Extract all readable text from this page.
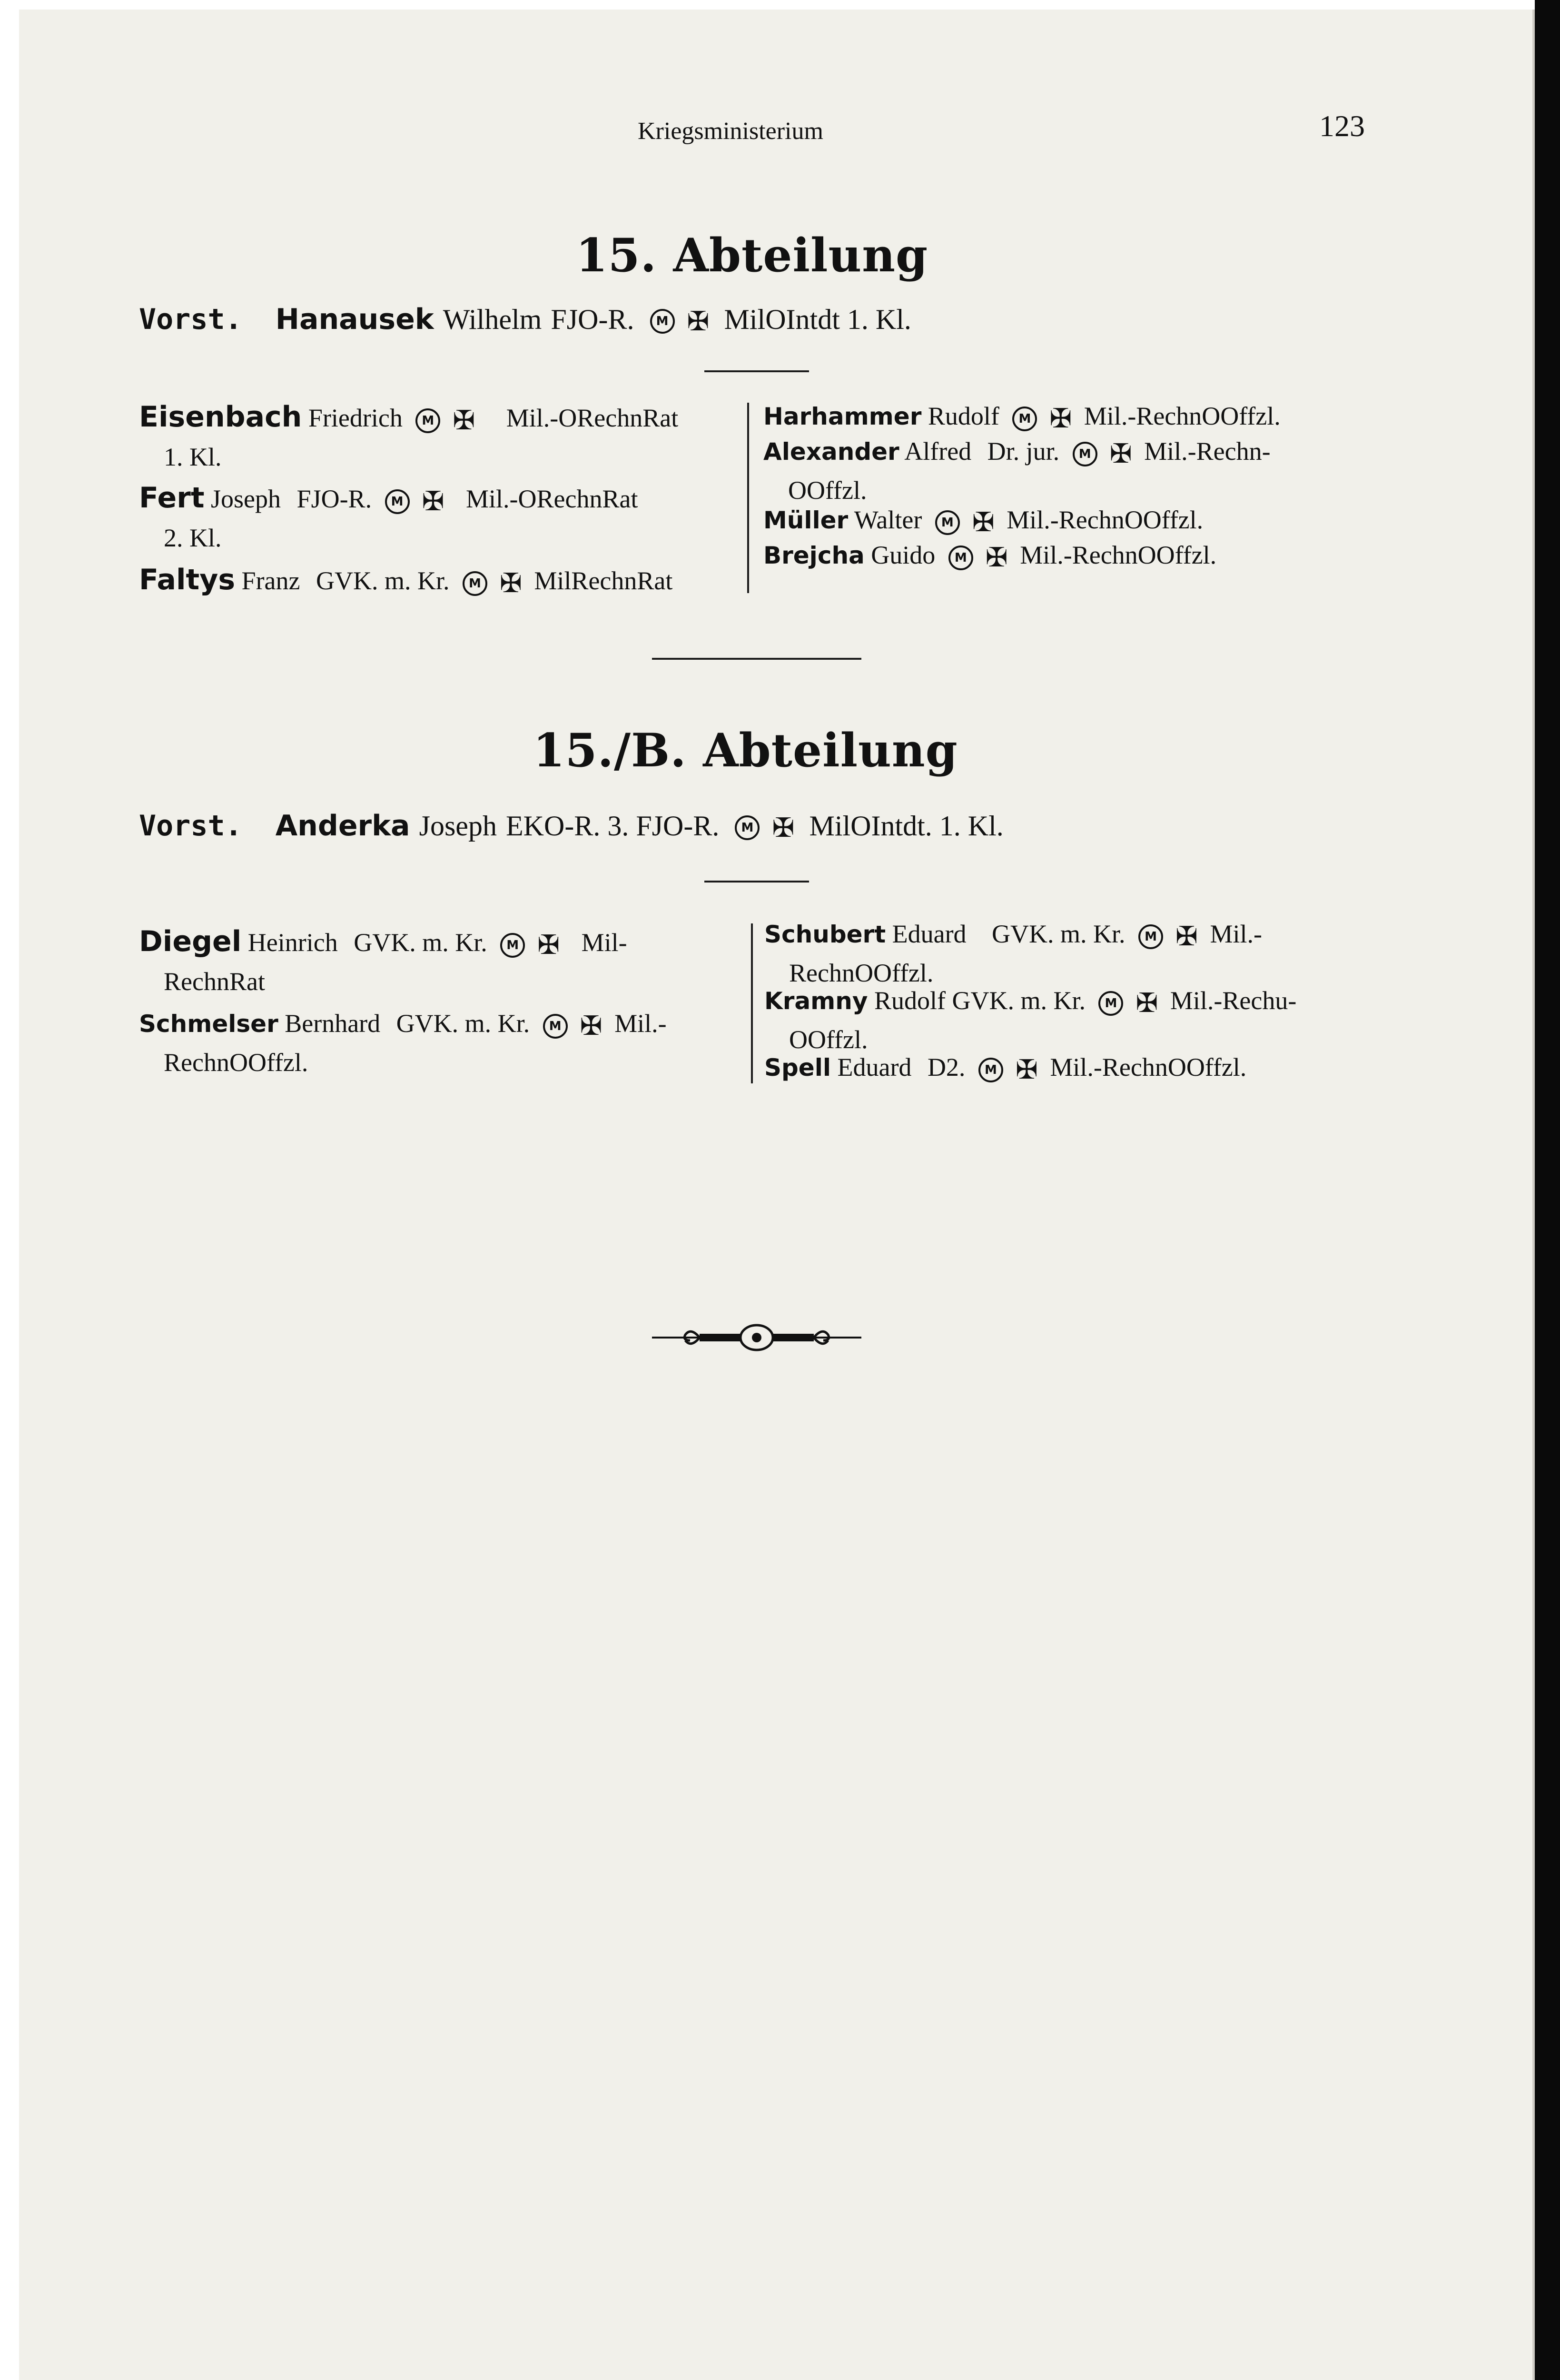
Kriegsministerium	123
15. Abteilung
Vorst. Hanausek Wilhelm FJO-R. M ✠ MilOIntdt 1. Kl.
Eisenbach Friedrich M ✠ Mil.-ORechnRat
1. Kl.
Fert Joseph FJO-R. M ✠ Mil.-ORechnRat
2. Kl.
Faltys Franz GVK. m. Kr. M ✠ MilRechnRat
Harhammer Rudolf M ✠ Mil.-RechnOOffzl.
Alexander Alfred Dr. jur. M ✠ Mil.-Rechn-
OOffzl.
Müller Walter M ✠ Mil.-RechnOOffzl.
Brejcha Guido M ✠ Mil.-RechnOOffzl.
15./B. Abteilung
Vorst. Anderka Joseph EKO-R. 3. FJO-R. M ✠ MilOIntdt. 1. Kl.
Diegel Heinrich GVK. m. Kr. M ✠ Mil-
RechnRat
Schmelser Bernhard GVK. m. Kr. M ✠ Mil.-
RechnOOffzl.
Schubert Eduard GVK. m. Kr. M ✠ Mil.-
RechnOOffzl.
Kramny Rudolf GVK. m. Kr. M ✠ Mil.-Rechu-
OOffzl.
Spell Eduard D2. M ✠ Mil.-RechnOOffzl.
